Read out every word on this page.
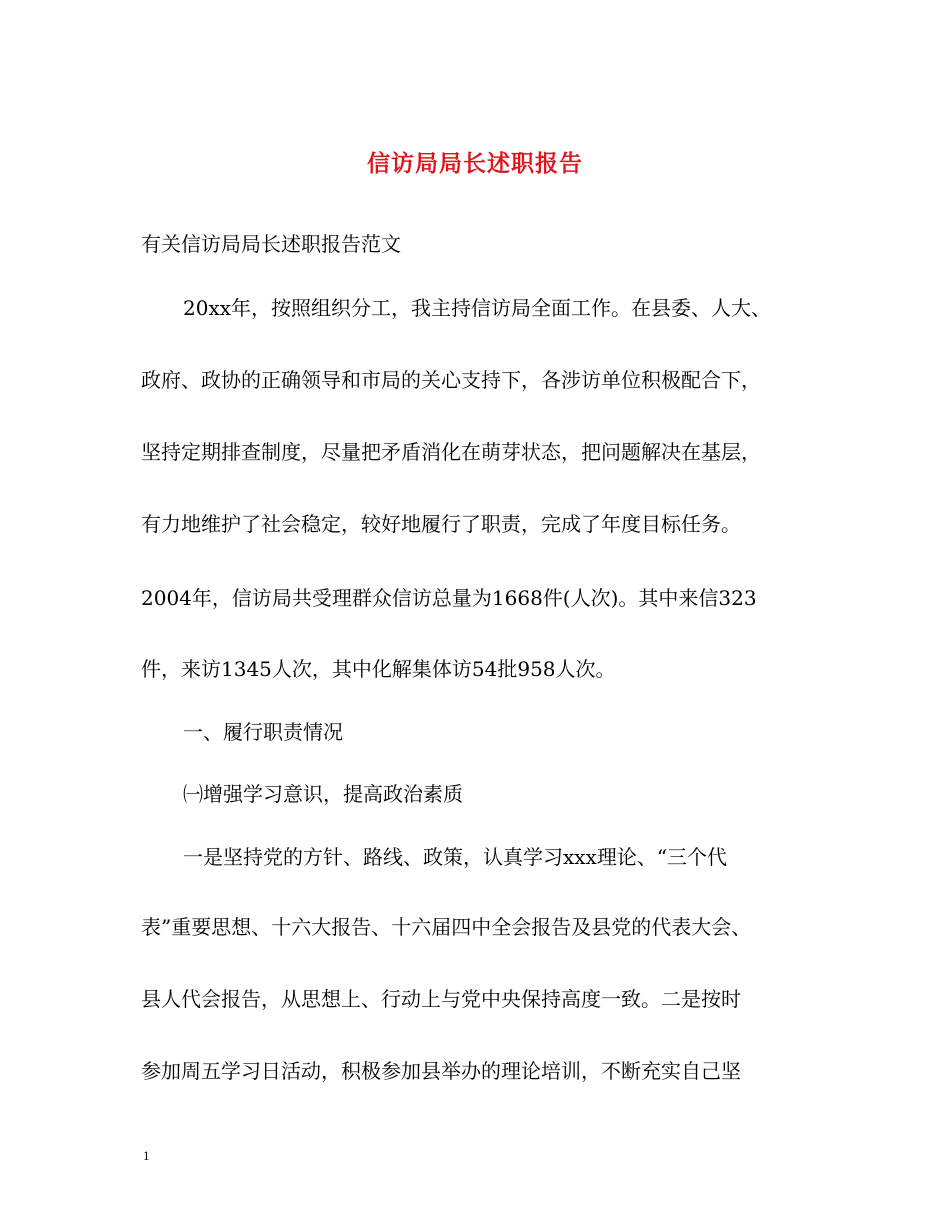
信访局局长述职报告
有关信访局局长述职报告范文
20xx年，按照组织分工，我主持信访局全面工作。在县委、人大、
政府、政协的正确领导和市局的关心支持下，各涉访单位积极配合下，
坚持定期排查制度，尽量把矛盾消化在萌芽状态，把问题解决在基层，
有力地维护了社会稳定，较好地履行了职责，完成了年度目标任务。
2004年，信访局共受理群众信访总量为1668件(人次)。其中来信323
件，来访1345人次，其中化解集体访54批958人次。
一、履行职责情况
㈠增强学习意识，提高政治素质
一是坚持党的方针、路线、政策，认真学习xxx理论、“三个代
表”重要思想、十六大报告、十六届四中全会报告及县党的代表大会、
县人代会报告，从思想上、行动上与党中央保持高度一致。二是按时
参加周五学习日活动，积极参加县举办的理论培训，不断充实自己坚
1
